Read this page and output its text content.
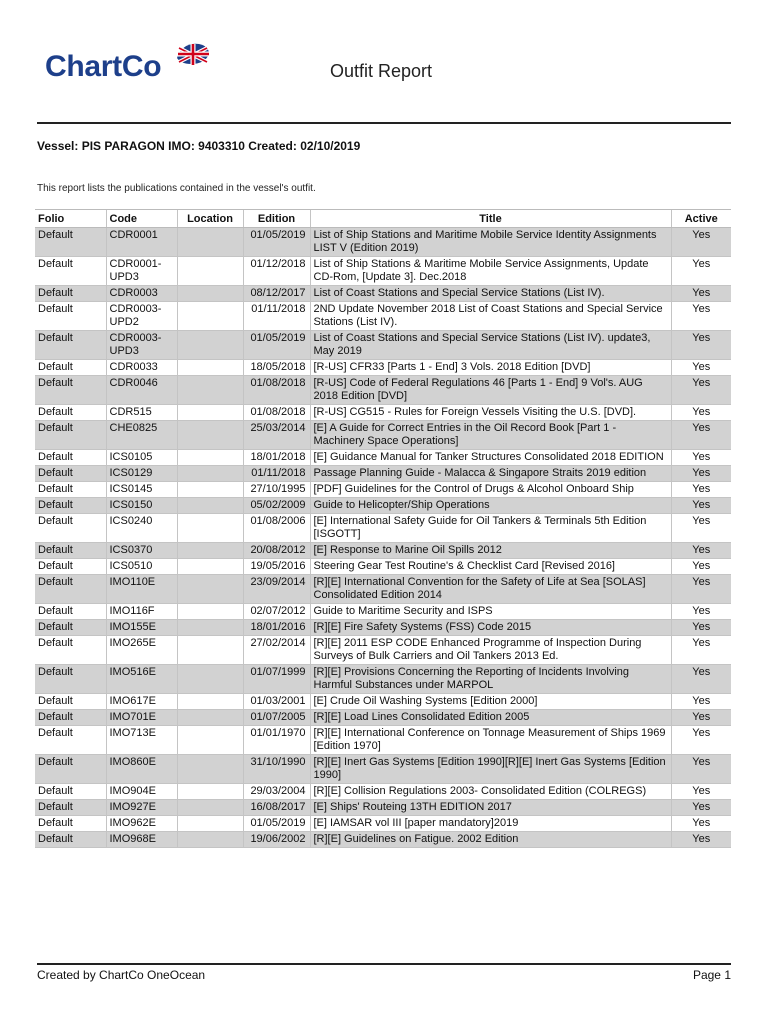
ChartCo	Outfit Report
Vessel: PIS PARAGON IMO: 9403310 Created: 02/10/2019
This report lists the publications contained in the vessel's outfit.
Folio	Code	Location	Edition	Title	Active
Default	CDR0001		01/05/2019	List of Ship Stations and Maritime Mobile Service Identity Assignments LIST V (Edition 2019)	Yes
Default	CDR0001-UPD3		01/12/2018	List of Ship Stations & Maritime Mobile Service Assignments, Update CD-Rom, [Update 3]. Dec.2018	Yes
Default	CDR0003		08/12/2017	List of Coast Stations and Special Service Stations (List IV).	Yes
Default	CDR0003-UPD2		01/11/2018	2ND Update November 2018 List of Coast Stations and Special Service Stations (List IV).	Yes
Default	CDR0003-UPD3		01/05/2019	List of Coast Stations and Special Service Stations (List IV). update3, May 2019	Yes
Default	CDR0033		18/05/2018	[R-US] CFR33 [Parts 1 - End] 3 Vols. 2018 Edition [DVD]	Yes
Default	CDR0046		01/08/2018	[R-US] Code of Federal Regulations 46 [Parts 1 - End] 9 Vol's. AUG 2018 Edition [DVD]	Yes
Default	CDR515		01/08/2018	[R-US] CG515 - Rules for Foreign Vessels Visiting the U.S. [DVD].	Yes
Default	CHE0825		25/03/2014	[E] A Guide for Correct Entries in the Oil Record Book [Part 1 - Machinery Space Operations]	Yes
Default	ICS0105		18/01/2018	[E] Guidance Manual for Tanker Structures Consolidated 2018 EDITION	Yes
Default	ICS0129		01/11/2018	Passage Planning Guide - Malacca & Singapore Straits 2019 edition	Yes
Default	ICS0145		27/10/1995	[PDF] Guidelines for the Control of Drugs & Alcohol Onboard Ship	Yes
Default	ICS0150		05/02/2009	Guide to Helicopter/Ship Operations	Yes
Default	ICS0240		01/08/2006	[E] International Safety Guide for Oil Tankers & Terminals 5th Edition [ISGOTT]	Yes
Default	ICS0370		20/08/2012	[E] Response to Marine Oil Spills 2012	Yes
Default	ICS0510		19/05/2016	Steering Gear Test Routine's & Checklist Card [Revised 2016]	Yes
Default	IMO110E		23/09/2014	[R][E] International Convention for the Safety of Life at Sea [SOLAS] Consolidated Edition 2014	Yes
Default	IMO116F		02/07/2012	Guide to Maritime Security and ISPS	Yes
Default	IMO155E		18/01/2016	[R][E] Fire Safety Systems (FSS) Code 2015	Yes
Default	IMO265E		27/02/2014	[R][E] 2011 ESP CODE Enhanced Programme of Inspection During Surveys of Bulk Carriers and Oil Tankers 2013 Ed.	Yes
Default	IMO516E		01/07/1999	[R][E] Provisions Concerning the Reporting of Incidents Involving Harmful Substances under MARPOL	Yes
Default	IMO617E		01/03/2001	[E] Crude Oil Washing Systems [Edition 2000]	Yes
Default	IMO701E		01/07/2005	[R][E] Load Lines Consolidated Edition 2005	Yes
Default	IMO713E		01/01/1970	[R][E] International Conference on Tonnage Measurement of Ships 1969 [Edition 1970]	Yes
Default	IMO860E		31/10/1990	[R][E] Inert Gas Systems [Edition 1990][R][E] Inert Gas Systems [Edition 1990]	Yes
Default	IMO904E		29/03/2004	[R][E] Collision Regulations 2003- Consolidated Edition (COLREGS)	Yes
Default	IMO927E		16/08/2017	[E] Ships' Routeing 13TH EDITION 2017	Yes
Default	IMO962E		01/05/2019	[E] IAMSAR vol III [paper mandatory]2019	Yes
Default	IMO968E		19/06/2002	[R][E] Guidelines on Fatigue. 2002 Edition	Yes
Created by ChartCo OneOcean	Page 1
